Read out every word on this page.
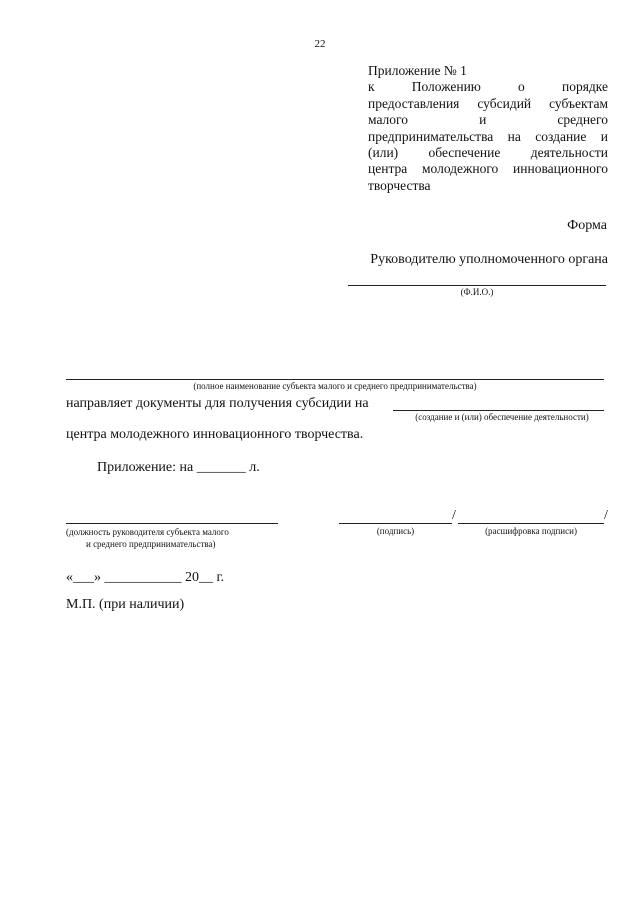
22
Приложение № 1
к Положению о порядке
предоставления субсидий субъектам
малого и среднего
предпринимательства на создание и
(или) обеспечение деятельности
центра молодежного инновационного
творчества
Форма
Руководителю уполномоченного органа
(Ф.И.О.)
(полное наименование субъекта малого и среднего предпринимательства)
направляет документы для получения субсидии на
(создание и (или) обеспечение деятельности)
центра молодежного инновационного творчества.
Приложение: на _______ л.
(должность руководителя субъекта малого
и среднего предпринимательства)
/	/
(подпись)	(расшифровка подписи)
«___» ___________ 20__ г.
М.П. (при наличии)
